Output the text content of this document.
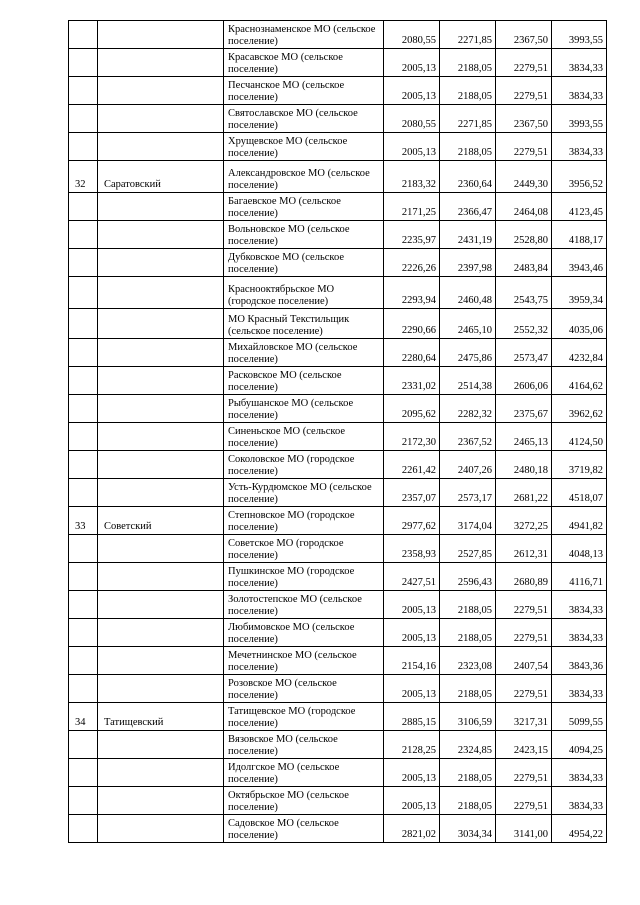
		Краснознаменское МО (сельское поселение)	2080,55	2271,85	2367,50	3993,55
		Красавское МО (сельское поселение)	2005,13	2188,05	2279,51	3834,33
		Песчанское МО (сельское поселение)	2005,13	2188,05	2279,51	3834,33
		Святославское МО (сельское поселение)	2080,55	2271,85	2367,50	3993,55
		Хрущевское МО (сельское поселение)	2005,13	2188,05	2279,51	3834,33
32	Саратовский	Александровское МО (сельское поселение)	2183,32	2360,64	2449,30	3956,52
		Багаевское МО (сельское поселение)	2171,25	2366,47	2464,08	4123,45
		Вольновское МО (сельское поселение)	2235,97	2431,19	2528,80	4188,17
		Дубковское МО (сельское поселение)	2226,26	2397,98	2483,84	3943,46
		Краснооктябрьское МО (городское поселение)	2293,94	2460,48	2543,75	3959,34
		МО Красный Текстильщик (сельское поселение)	2290,66	2465,10	2552,32	4035,06
		Михайловское МО (сельское поселение)	2280,64	2475,86	2573,47	4232,84
		Расковское МО (сельское поселение)	2331,02	2514,38	2606,06	4164,62
		Рыбушанское МО (сельское поселение)	2095,62	2282,32	2375,67	3962,62
		Синеньское МО (сельское поселение)	2172,30	2367,52	2465,13	4124,50
		Соколовское МО (городское поселение)	2261,42	2407,26	2480,18	3719,82
		Усть-Курдюмское МО (сельское поселение)	2357,07	2573,17	2681,22	4518,07
33	Советский	Степновское МО (городское поселение)	2977,62	3174,04	3272,25	4941,82
		Советское МО (городское поселение)	2358,93	2527,85	2612,31	4048,13
		Пушкинское МО (городское поселение)	2427,51	2596,43	2680,89	4116,71
		Золотостепское МО (сельское поселение)	2005,13	2188,05	2279,51	3834,33
		Любимовское МО (сельское поселение)	2005,13	2188,05	2279,51	3834,33
		Мечетнинское МО (сельское поселение)	2154,16	2323,08	2407,54	3843,36
		Розовское МО (сельское поселение)	2005,13	2188,05	2279,51	3834,33
34	Татищевский	Татищевское МО (городское поселение)	2885,15	3106,59	3217,31	5099,55
		Вязовское МО (сельское поселение)	2128,25	2324,85	2423,15	4094,25
		Идолгское МО (сельское поселение)	2005,13	2188,05	2279,51	3834,33
		Октябрьское МО (сельское поселение)	2005,13	2188,05	2279,51	3834,33
		Садовское МО (сельское поселение)	2821,02	3034,34	3141,00	4954,22
